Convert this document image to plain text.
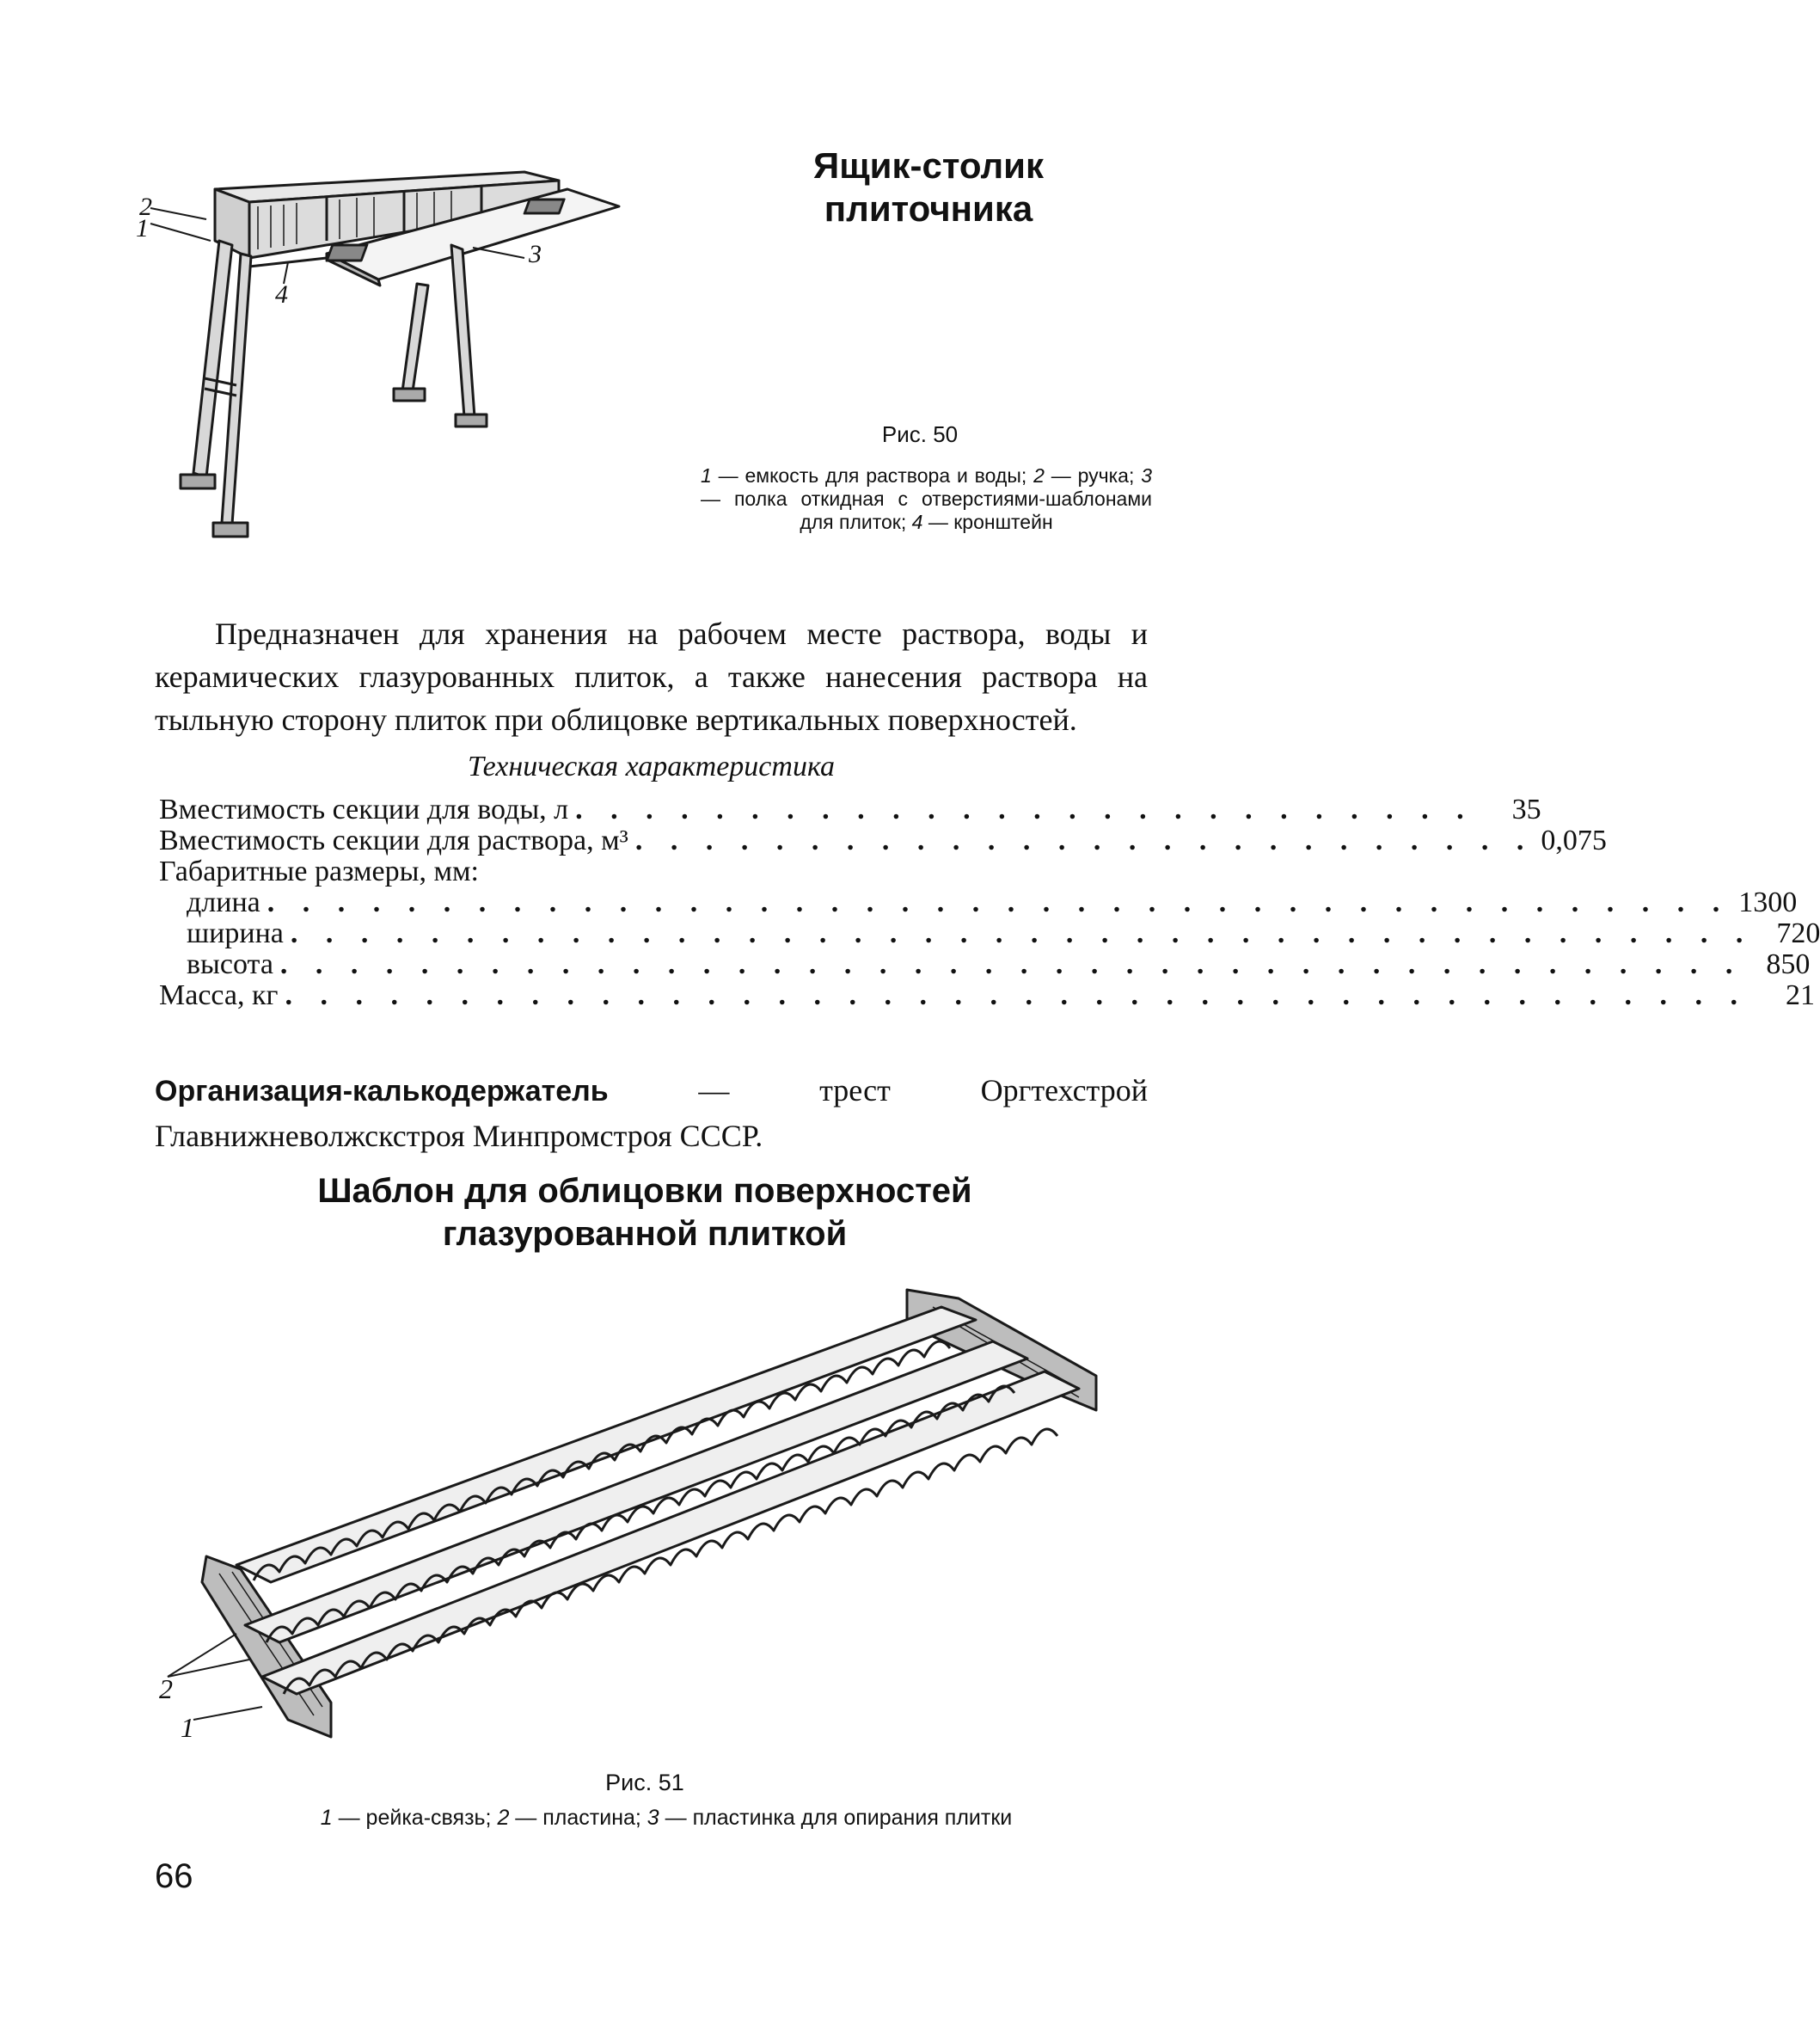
Ящик-столик
плиточника
2
1
3
4
Рис. 50
1 — емкость для раствора и воды; 2 — ручка; 3 — полка откидная с отверстиями-шаблонами для плиток; 4 — кронштейн
Предназначен для хранения на рабочем месте раствора, воды и керамических глазурованных плиток, а также нанесения раствора на тыльную сторону плиток при облицовке вертикальных поверхностей.
Техническая характеристика
Вместимость секции для воды, л . . . . . . . . . . . . . . . . . . . . . . . . . .	35
Вместимость секции для раствора, м³ . . . . . . . . . . . . . . . . . . . . . . . . . . 0,075
Габаритные размеры, мм:
длина . . . . . . . . . . . . . . . . . . . . . . . . . . . . . . . . . . . . . . . . . . 1300
ширина . . . . . . . . . . . . . . . . . . . . . . . . . . . . . . . . . . . . . . . . . . 720
высота . . . . . . . . . . . . . . . . . . . . . . . . . . . . . . . . . . . . . . . . . . 850
Масса, кг . . . . . . . . . . . . . . . . . . . . . . . . . . . . . . . . . . . . . . . . . .	21
Организация-калькодержатель — трест Оргтехстрой Главнижневолжскстроя Минпромстроя СССР.
Шаблон для облицовки поверхностей
глазурованной плиткой
2
1
Рис. 51
1 — рейка-связь; 2 — пластина; 3 — пластинка для опирания плитки
66
